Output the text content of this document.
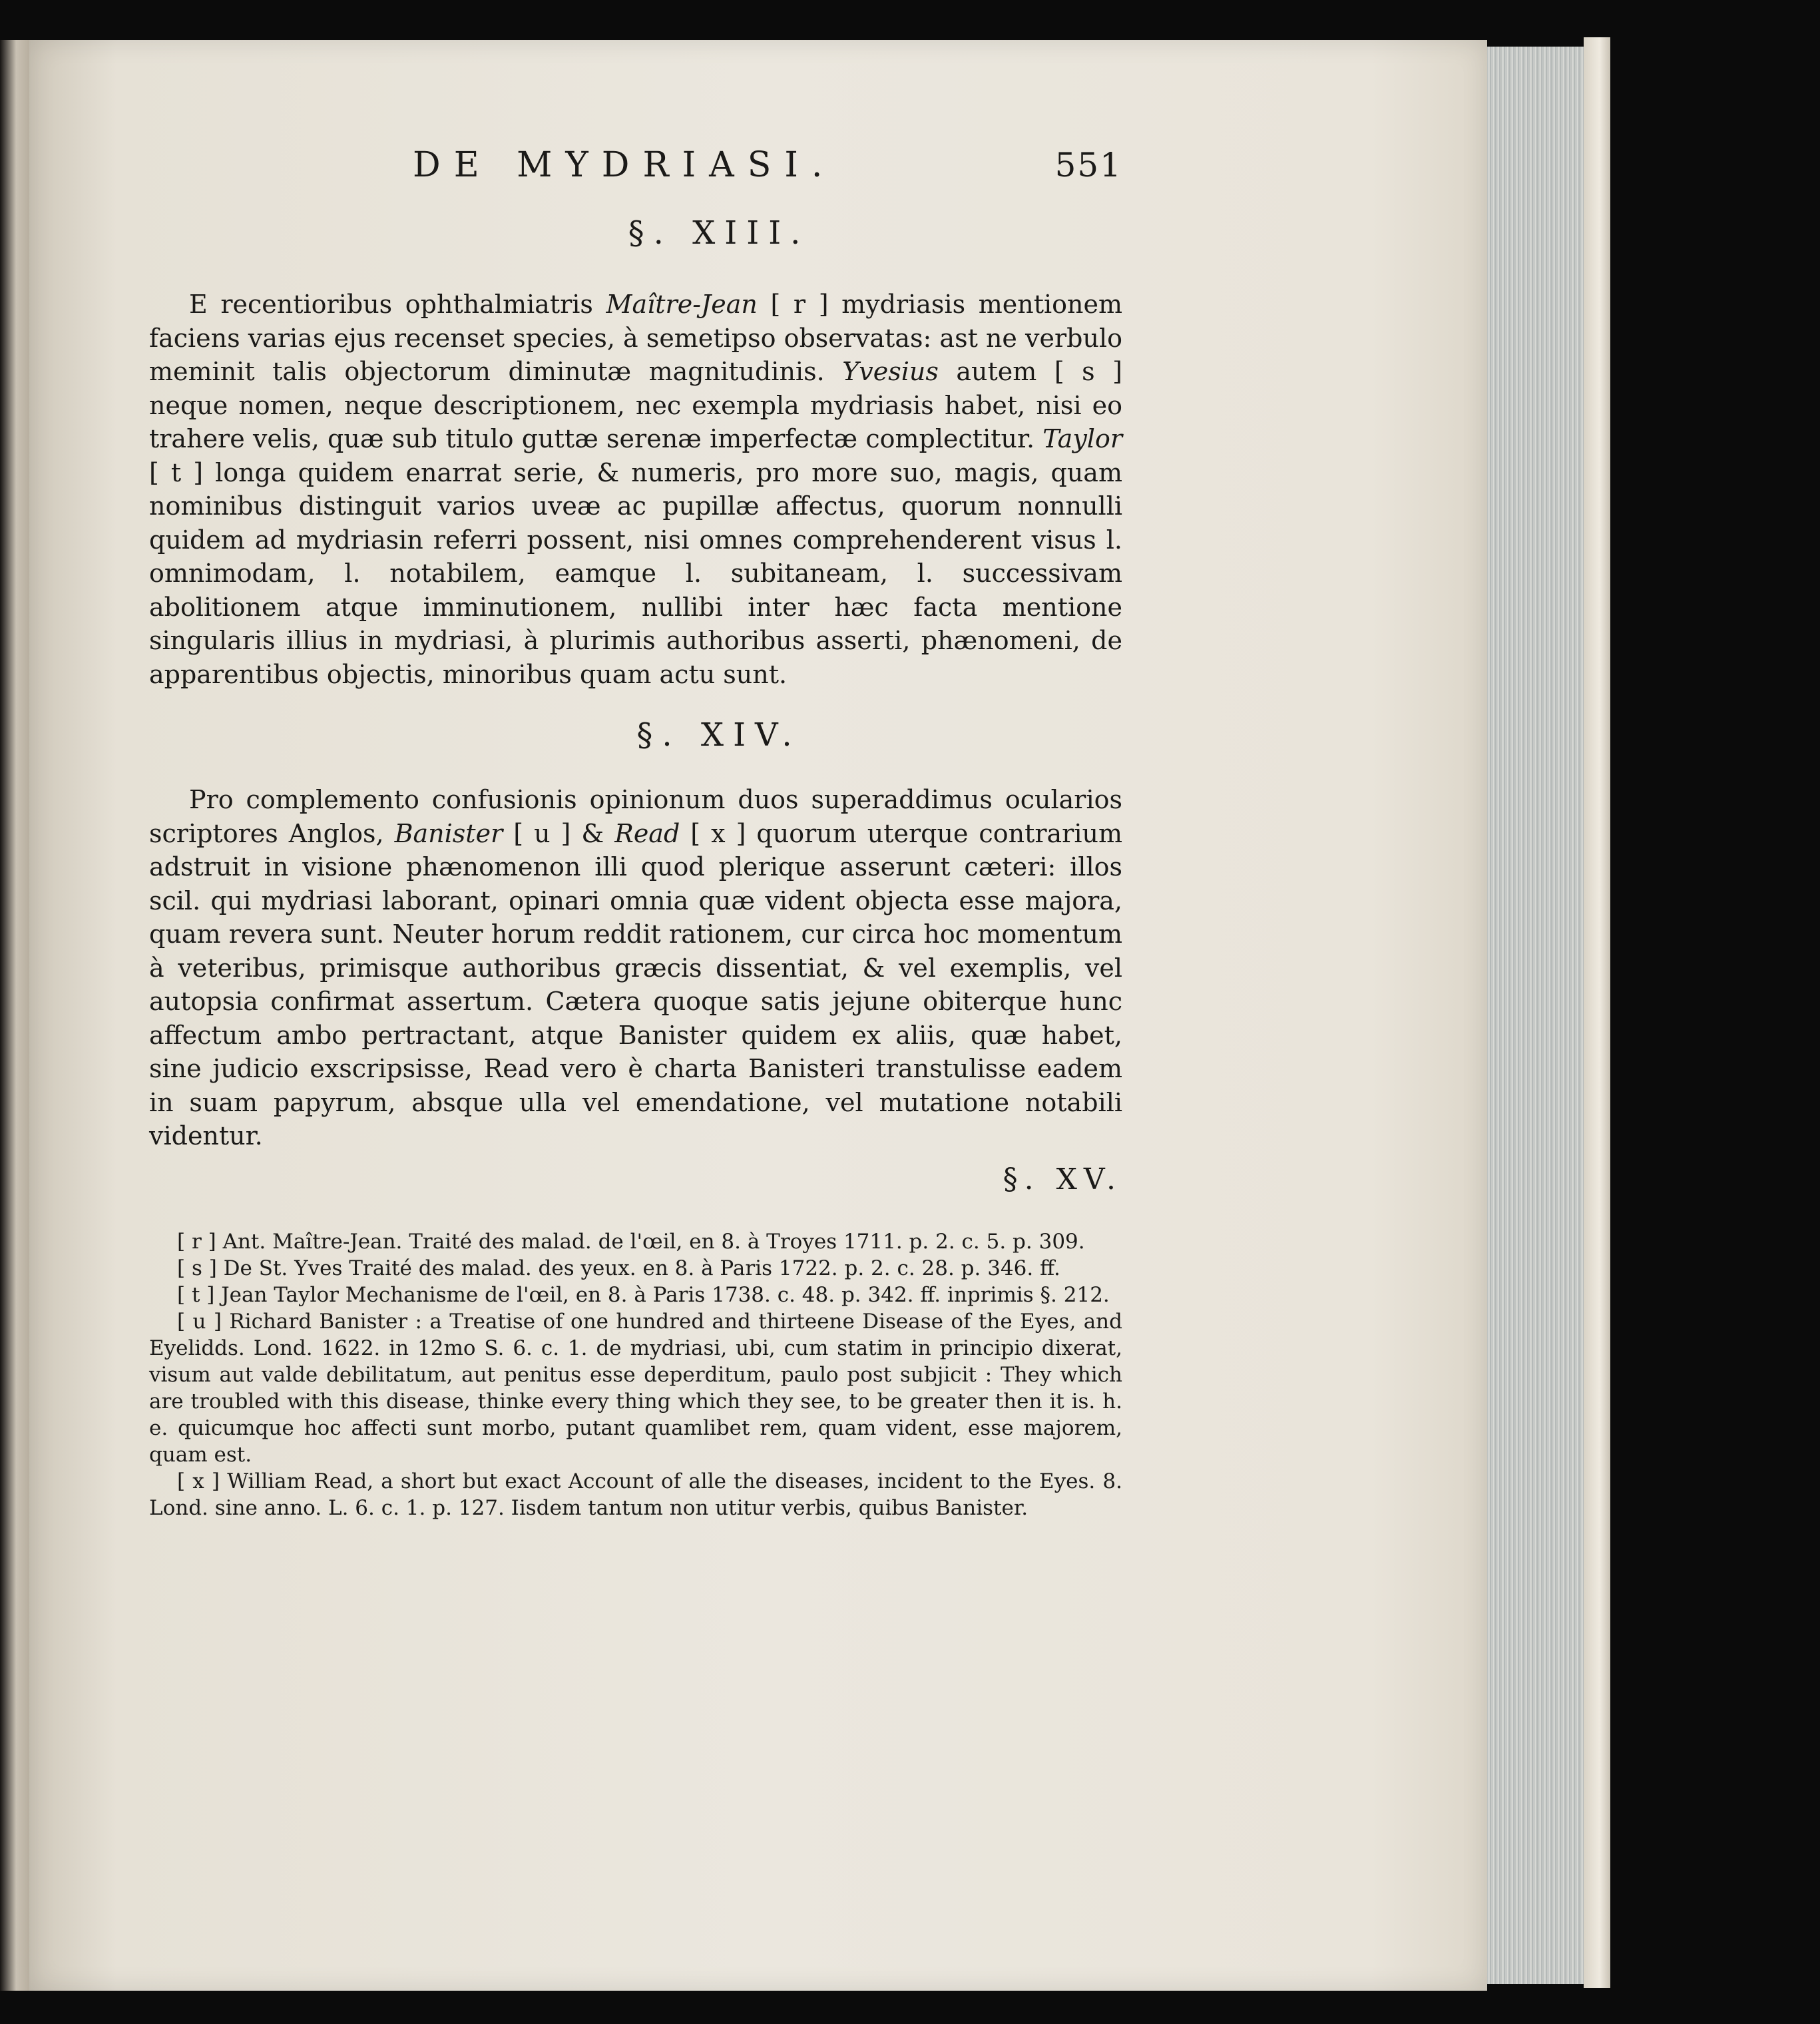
DE MYDRIASI.	551
§. XIII.

E recentioribus ophthalmiatris Maître-Jean [ r ] mydriasis mentionem faciens varias ejus recenset species, à semetipso observatas: ast ne verbulo meminit talis objectorum diminutæ magnitudinis. Yvesius autem [ s ] neque nomen, neque descriptionem, nec exempla mydriasis habet, nisi eo trahere velis, quæ sub titulo guttæ serenæ imperfectæ complectitur. Taylor [ t ] longa quidem enarrat serie, & numeris, pro more suo, magis, quam nominibus distinguit varios uveæ ac pupillæ affectus, quorum nonnulli quidem ad mydriasin referri possent, nisi omnes comprehenderent visus l. omnimodam, l. notabilem, eamque l. subitaneam, l. successivam abolitionem atque imminutionem, nullibi inter hæc facta mentione singularis illius in mydriasi, à plurimis authoribus asserti, phænomeni, de apparentibus objectis, minoribus quam actu sunt.

§. XIV.

Pro complemento confusionis opinionum duos superaddimus ocularios scriptores Anglos, Banister [ u ] & Read [ x ] quorum uterque contrarium adstruit in visione phænomenon illi quod plerique asserunt cæteri: illos scil. qui mydriasi laborant, opinari omnia quæ vident objecta esse majora, quam revera sunt. Neuter horum reddit rationem, cur circa hoc momentum à veteribus, primisque authoribus græcis dissentiat, & vel exemplis, vel autopsia confirmat assertum. Cætera quoque satis jejune obiterque hunc affectum ambo pertractant, atque Banister quidem ex aliis, quæ habet, sine judicio exscripsisse, Read vero è charta Banisteri transtulisse eadem in suam papyrum, absque ulla vel emendatione, vel mutatione notabili videntur.

§. XV.

[ r ] Ant. Maître-Jean. Traité des malad. de l'œil, en 8. à Troyes 1711. p. 2. c. 5. p. 309.

[ s ] De St. Yves Traité des malad. des yeux. en 8. à Paris 1722. p. 2. c. 28. p. 346. ff.

[ t ] Jean Taylor Mechanisme de l'œil, en 8. à Paris 1738. c. 48. p. 342. ff. inprimis §. 212.

[ u ] Richard Banister : a Treatise of one hundred and thirteene Disease of the Eyes, and Eyelidds. Lond. 1622. in 12mo S. 6. c. 1. de mydriasi, ubi, cum statim in principio dixerat, visum aut valde debilitatum, aut penitus esse deperditum, paulo post subjicit : They which are troubled with this disease, thinke every thing which they see, to be greater then it is. h. e. quicumque hoc affecti sunt morbo, putant quamlibet rem, quam vident, esse majorem, quam est.

[ x ] William Read, a short but exact Account of alle the diseases, incident to the Eyes. 8. Lond. sine anno. L. 6. c. 1. p. 127. Iisdem tantum non utitur verbis, quibus Banister.
